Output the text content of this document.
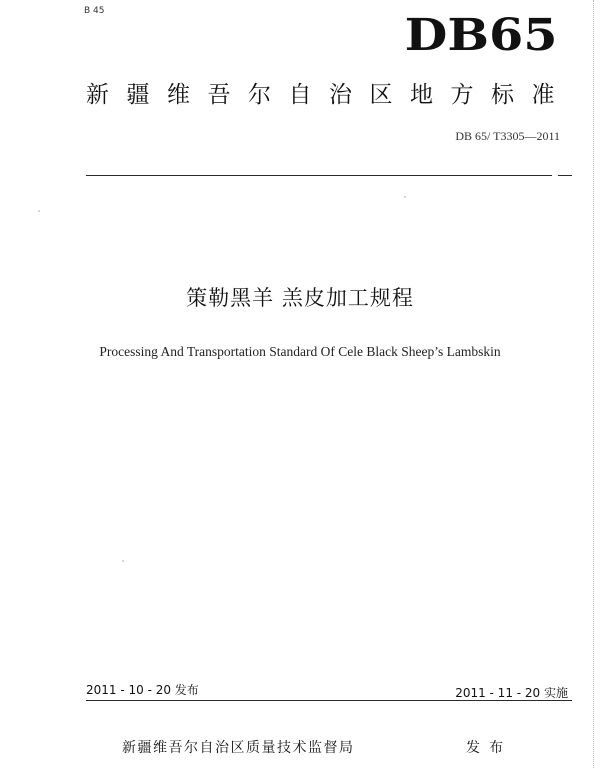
B 45	DB65
新疆维吾尔自治区地方标准
DB 65/ T3305—2011
策勒黑羊 羔皮加工规程
Processing And Transportation Standard Of Cele Black Sheep’s Lambskin
2011 - 10 - 20 发布	2011 - 11 - 20 实施
新疆维吾尔自治区质量技术监督局	发布
